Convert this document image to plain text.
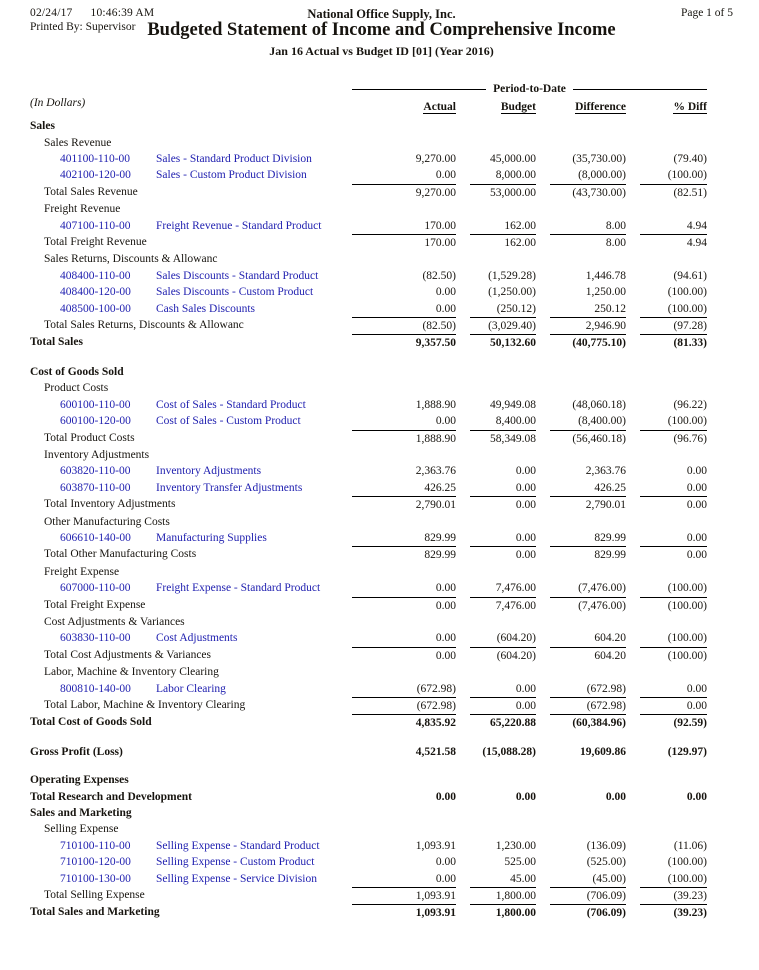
02/24/17 10:46:39 AM
Printed By: Supervisor
National Office Supply, Inc.	Page 1 of 5
Budgeted Statement of Income and Comprehensive Income
Jan 16 Actual vs Budget ID [01] (Year 2016)
Period-to-Date
(In Dollars)	Actual	Budget	Difference	% Diff
Sales
Sales Revenue
401100-110-00 Sales - Standard Product Division	9,270.00	45,000.00	(35,730.00)	(79.40)
402100-120-00 Sales - Custom Product Division	0.00	8,000.00	(8,000.00)	(100.00)
Total Sales Revenue	9,270.00	53,000.00	(43,730.00)	(82.51)
Freight Revenue
407100-110-00 Freight Revenue - Standard Product	170.00	162.00	8.00	4.94
Total Freight Revenue	170.00	162.00	8.00	4.94
Sales Returns, Discounts & Allowanc
408400-110-00 Sales Discounts - Standard Product	(82.50)	(1,529.28)	1,446.78	(94.61)
408400-120-00 Sales Discounts - Custom Product	0.00	(1,250.00)	1,250.00	(100.00)
408500-100-00 Cash Sales Discounts	0.00	(250.12)	250.12	(100.00)
Total Sales Returns, Discounts & Allowanc	(82.50)	(3,029.40)	2,946.90	(97.28)
Total Sales	9,357.50	50,132.60	(40,775.10)	(81.33)
Cost of Goods Sold
Product Costs
600100-110-00 Cost of Sales - Standard Product	1,888.90	49,949.08	(48,060.18)	(96.22)
600100-120-00 Cost of Sales - Custom Product	0.00	8,400.00	(8,400.00)	(100.00)
Total Product Costs	1,888.90	58,349.08	(56,460.18)	(96.76)
Inventory Adjustments
603820-110-00 Inventory Adjustments	2,363.76	0.00	2,363.76	0.00
603870-110-00 Inventory Transfer Adjustments	426.25	0.00	426.25	0.00
Total Inventory Adjustments	2,790.01	0.00	2,790.01	0.00
Other Manufacturing Costs
606610-140-00 Manufacturing Supplies	829.99	0.00	829.99	0.00
Total Other Manufacturing Costs	829.99	0.00	829.99	0.00
Freight Expense
607000-110-00 Freight Expense - Standard Product	0.00	7,476.00	(7,476.00)	(100.00)
Total Freight Expense	0.00	7,476.00	(7,476.00)	(100.00)
Cost Adjustments & Variances
603830-110-00 Cost Adjustments	0.00	(604.20)	604.20	(100.00)
Total Cost Adjustments & Variances	0.00	(604.20)	604.20	(100.00)
Labor, Machine & Inventory Clearing
800810-140-00 Labor Clearing	(672.98)	0.00	(672.98)	0.00
Total Labor, Machine & Inventory Clearing	(672.98)	0.00	(672.98)	0.00
Total Cost of Goods Sold	4,835.92	65,220.88	(60,384.96)	(92.59)
Gross Profit (Loss)	4,521.58	(15,088.28)	19,609.86	(129.97)
Operating Expenses
Total Research and Development	0.00	0.00	0.00	0.00
Sales and Marketing
Selling Expense
710100-110-00 Selling Expense - Standard Product	1,093.91	1,230.00	(136.09)	(11.06)
710100-120-00 Selling Expense - Custom Product	0.00	525.00	(525.00)	(100.00)
710100-130-00 Selling Expense - Service Division	0.00	45.00	(45.00)	(100.00)
Total Selling Expense	1,093.91	1,800.00	(706.09)	(39.23)
Total Sales and Marketing	1,093.91	1,800.00	(706.09)	(39.23)
